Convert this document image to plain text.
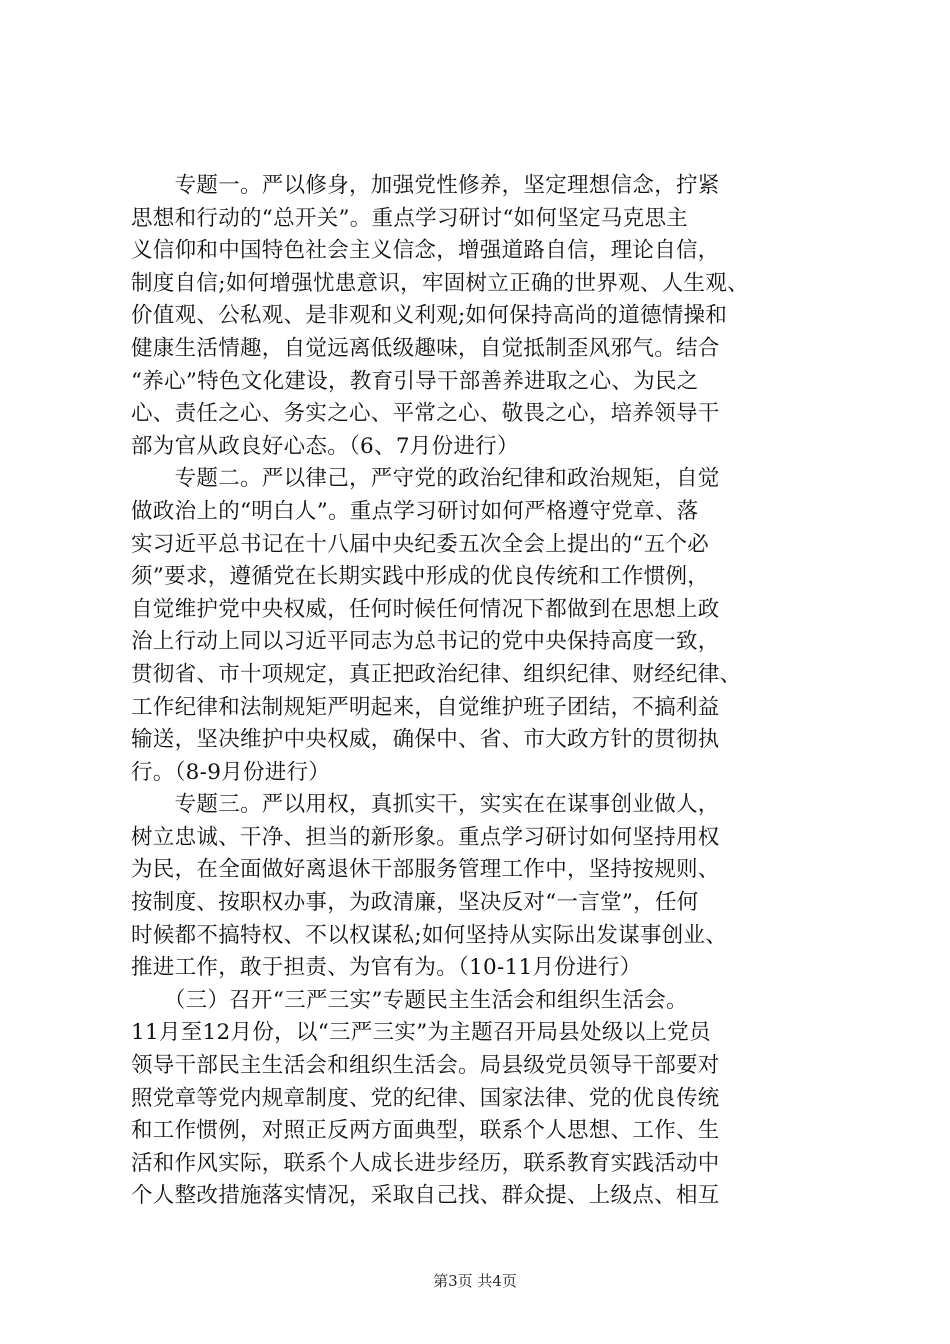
　　专题一。严以修身，加强党性修养，坚定理想信念，拧紧
思想和行动的“总开关”。重点学习研讨“如何坚定马克思主
义信仰和中国特色社会主义信念，增强道路自信，理论自信，
制度自信;如何增强忧患意识，牢固树立正确的世界观、人生观、
价值观、公私观、是非观和义利观;如何保持高尚的道德情操和
健康生活情趣，自觉远离低级趣味，自觉抵制歪风邪气。结合
“养心”特色文化建设，教育引导干部善养进取之心、为民之
心、责任之心、务实之心、平常之心、敬畏之心，培养领导干
部为官从政良好心态。（6、7月份进行）
　　专题二。严以律己，严守党的政治纪律和政治规矩，自觉
做政治上的“明白人”。重点学习研讨如何严格遵守党章、落
实习近平总书记在十八届中央纪委五次全会上提出的“五个必
须”要求，遵循党在长期实践中形成的优良传统和工作惯例，
自觉维护党中央权威，任何时候任何情况下都做到在思想上政
治上行动上同以习近平同志为总书记的党中央保持高度一致，
贯彻省、市十项规定，真正把政治纪律、组织纪律、财经纪律、
工作纪律和法制规矩严明起来，自觉维护班子团结，不搞利益
输送，坚决维护中央权威，确保中、省、市大政方针的贯彻执
行。（8-9月份进行）
　　专题三。严以用权，真抓实干，实实在在谋事创业做人，
树立忠诚、干净、担当的新形象。重点学习研讨如何坚持用权
为民，在全面做好离退休干部服务管理工作中，坚持按规则、
按制度、按职权办事，为政清廉，坚决反对“一言堂”，任何
时候都不搞特权、不以权谋私;如何坚持从实际出发谋事创业、
推进工作，敢于担责、为官有为。（10-11月份进行）
　　（三）召开“三严三实”专题民主生活会和组织生活会。
11月至12月份，以“三严三实”为主题召开局县处级以上党员
领导干部民主生活会和组织生活会。局县级党员领导干部要对
照党章等党内规章制度、党的纪律、国家法律、党的优良传统
和工作惯例，对照正反两方面典型，联系个人思想、工作、生
活和作风实际，联系个人成长进步经历，联系教育实践活动中
个人整改措施落实情况，采取自己找、群众提、上级点、相互
第3页 共4页
